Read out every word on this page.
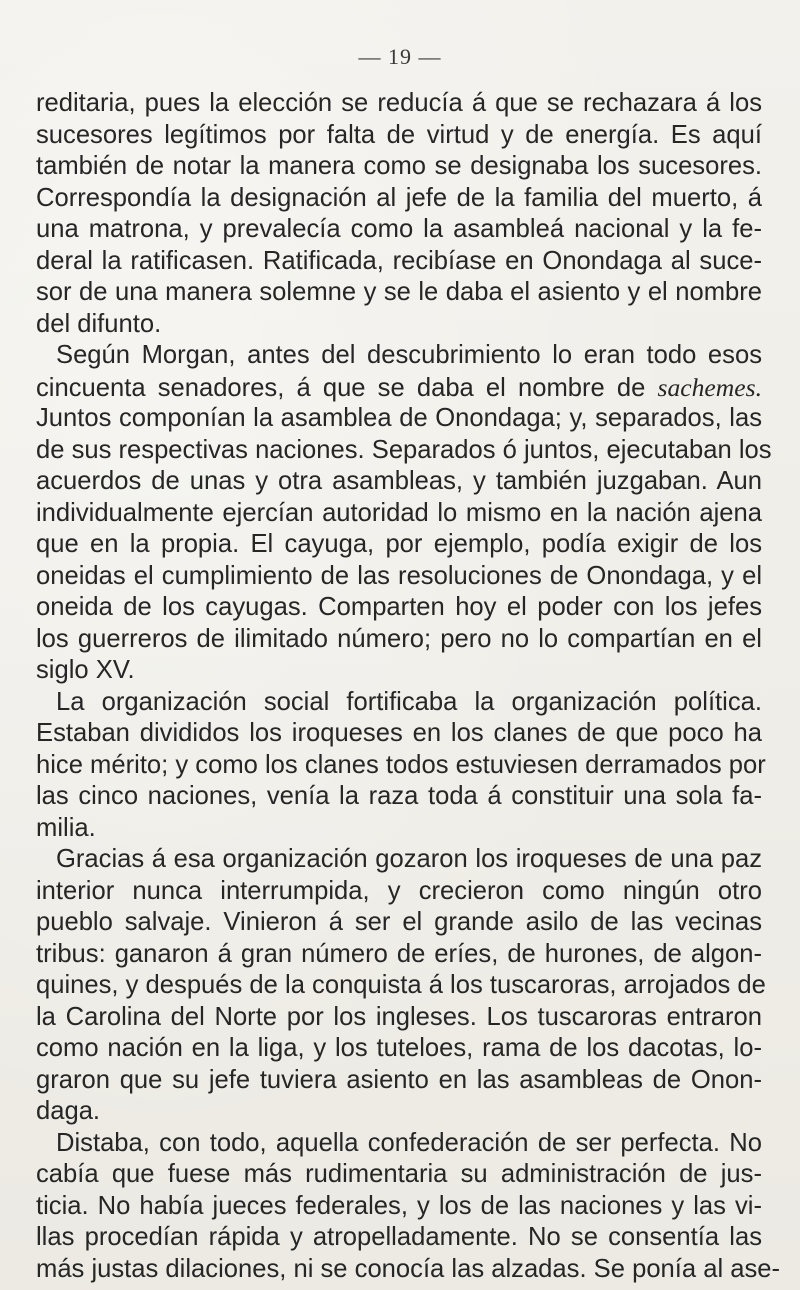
— 19 —
reditaria, pues la elección se reducía á que se rechazara á los
sucesores legítimos por falta de virtud y de energía. Es aquí
también de notar la manera como se designaba los sucesores.
Correspondía la designación al jefe de la familia del muerto, á
una matrona, y prevalecía como la asambleá nacional y la fe-
deral la ratificasen. Ratificada, recibíase en Onondaga al suce-
sor de una manera solemne y se le daba el asiento y el nombre
del difunto.
Según Morgan, antes del descubrimiento lo eran todo esos
cincuenta senadores, á que se daba el nombre de sachemes.
Juntos componían la asamblea de Onondaga; y, separados, las
de sus respectivas naciones. Separados ó juntos, ejecutaban los
acuerdos de unas y otra asambleas, y también juzgaban. Aun
individualmente ejercían autoridad lo mismo en la nación ajena
que en la propia. El cayuga, por ejemplo, podía exigir de los
oneidas el cumplimiento de las resoluciones de Onondaga, y el
oneida de los cayugas. Comparten hoy el poder con los jefes
los guerreros de ilimitado número; pero no lo compartían en el
siglo XV.
La organización social fortificaba la organización política.
Estaban divididos los iroqueses en los clanes de que poco ha
hice mérito; y como los clanes todos estuviesen derramados por
las cinco naciones, venía la raza toda á constituir una sola fa-
milia.
Gracias á esa organización gozaron los iroqueses de una paz
interior nunca interrumpida, y crecieron como ningún otro
pueblo salvaje. Vinieron á ser el grande asilo de las vecinas
tribus: ganaron á gran número de eríes, de hurones, de algon-
quines, y después de la conquista á los tuscaroras, arrojados de
la Carolina del Norte por los ingleses. Los tuscaroras entraron
como nación en la liga, y los tuteloes, rama de los dacotas, lo-
graron que su jefe tuviera asiento en las asambleas de Onon-
daga.
Distaba, con todo, aquella confederación de ser perfecta. No
cabía que fuese más rudimentaria su administración de jus-
ticia. No había jueces federales, y los de las naciones y las vi-
llas procedían rápida y atropelladamente. No se consentía las
más justas dilaciones, ni se conocía las alzadas. Se ponía al ase-
